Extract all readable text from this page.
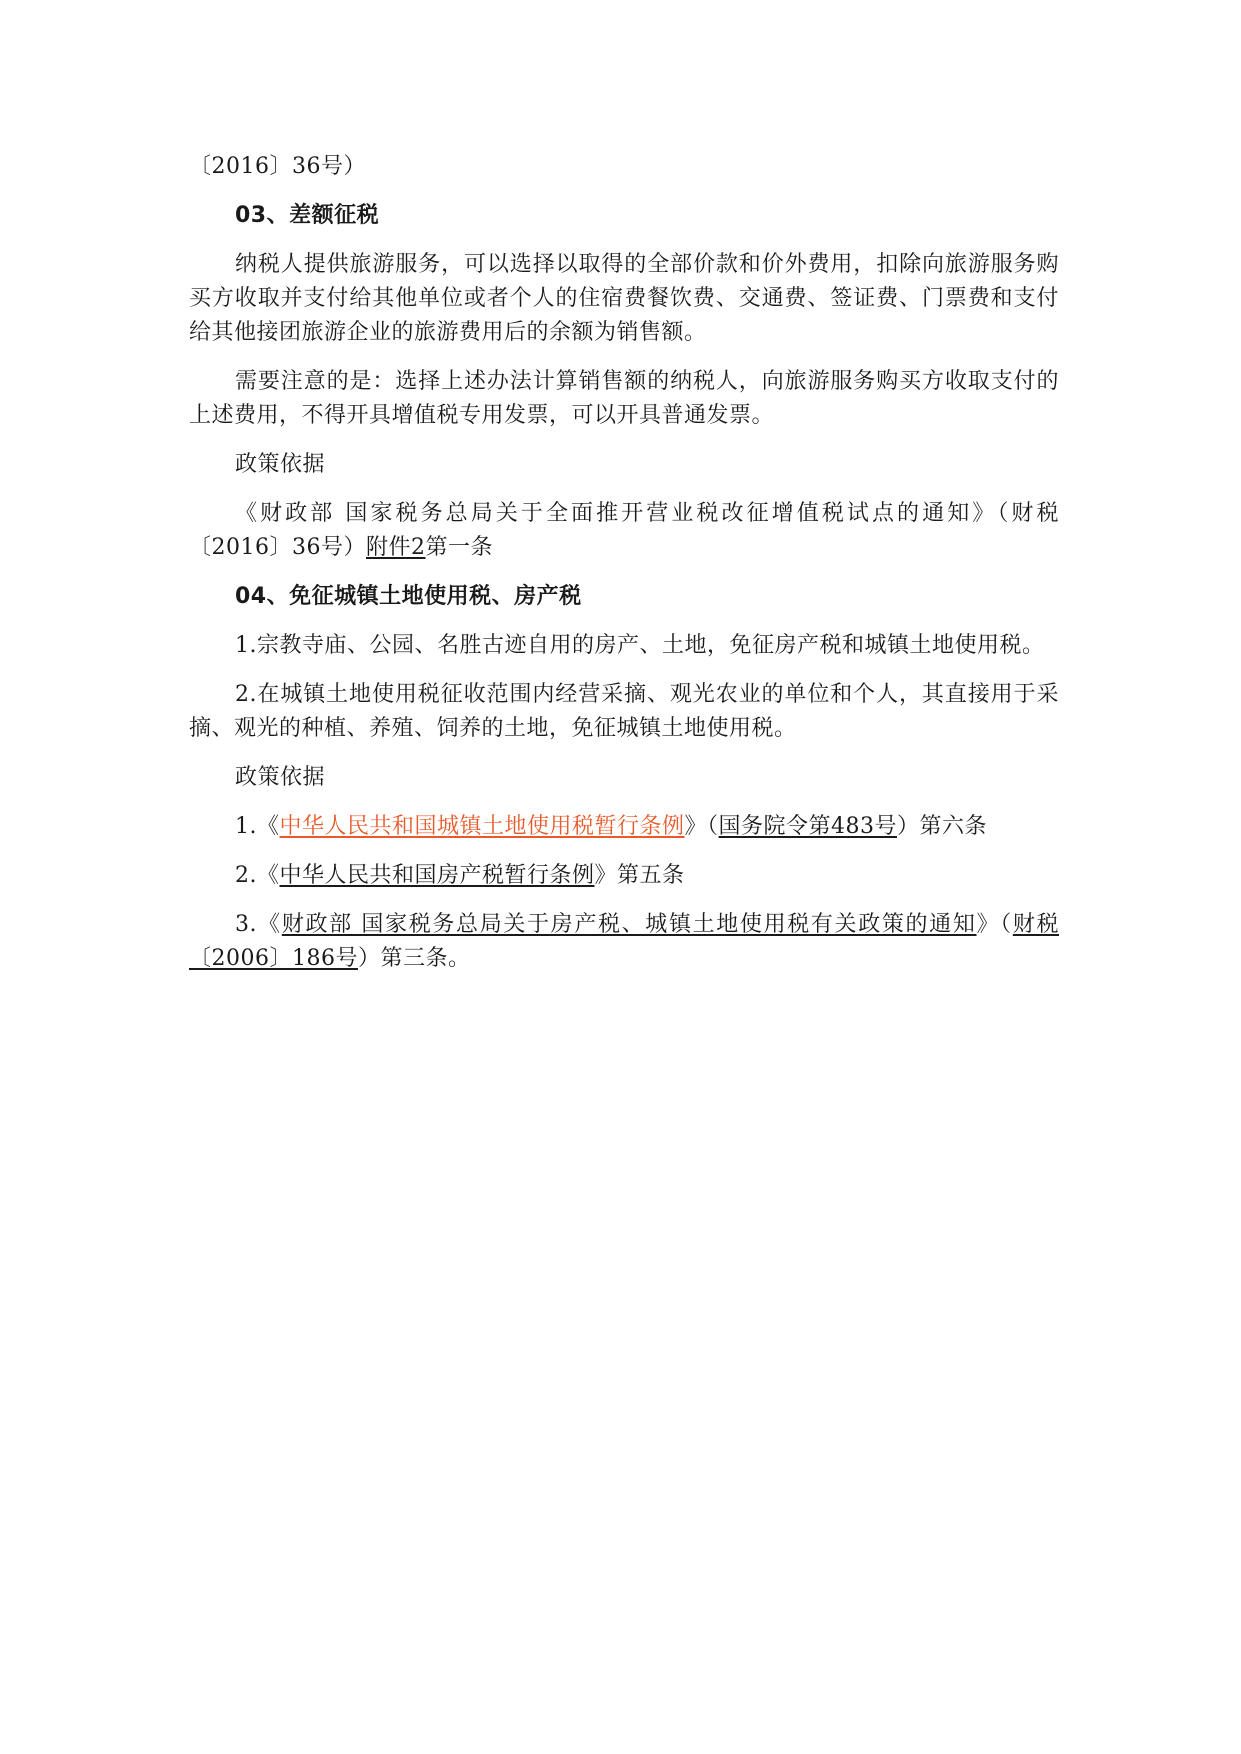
〔2016〕36号）

03、差额征税

纳税人提供旅游服务，可以选择以取得的全部价款和价外费用，扣除向旅游服务购买方收取并支付给其他单位或者个人的住宿费餐饮费、交通费、签证费、门票费和支付给其他接团旅游企业的旅游费用后的余额为销售额。

需要注意的是：选择上述办法计算销售额的纳税人，向旅游服务购买方收取支付的上述费用，不得开具增值税专用发票，可以开具普通发票。

政策依据

《财政部 国家税务总局关于全面推开营业税改征增值税试点的通知》（财税〔2016〕36号）附件2第一条

04、免征城镇土地使用税、房产税

1.宗教寺庙、公园、名胜古迹自用的房产、土地，免征房产税和城镇土地使用税。

2.在城镇土地使用税征收范围内经营采摘、观光农业的单位和个人，其直接用于采摘、观光的种植、养殖、饲养的土地，免征城镇土地使用税。

政策依据

1.《中华人民共和国城镇土地使用税暂行条例》（国务院令第483号）第六条

2.《中华人民共和国房产税暂行条例》第五条

3.《财政部 国家税务总局关于房产税、城镇土地使用税有关政策的通知》（财税〔2006〕186号）第三条。
